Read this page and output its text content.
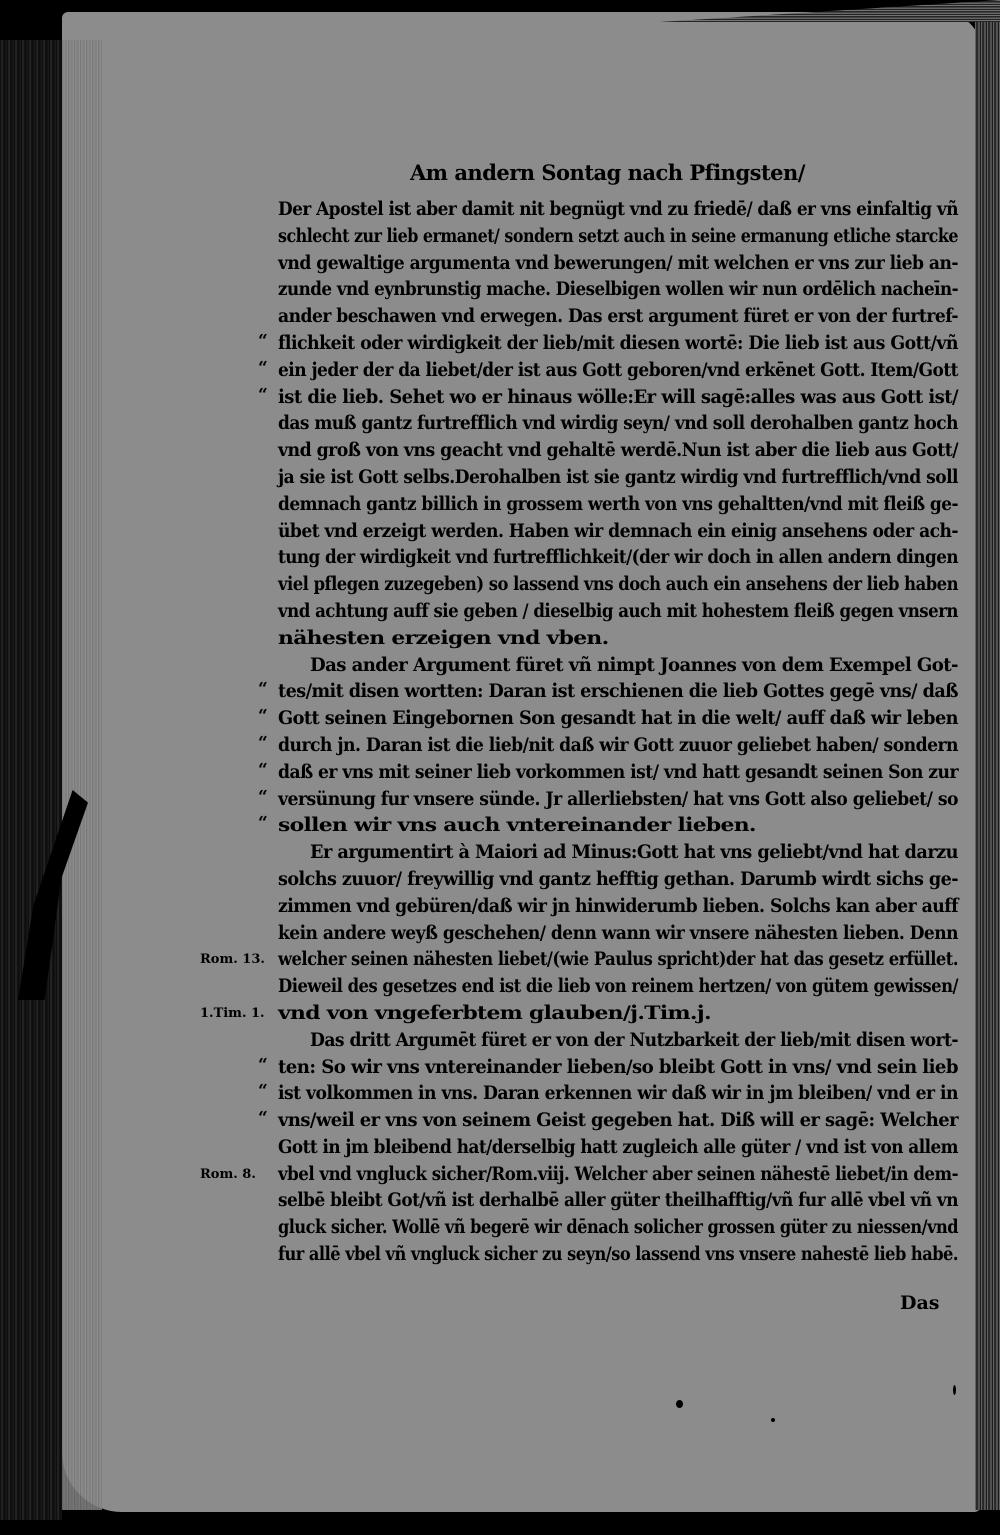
Am andern Sontag nach Pfingsten/
Der Apostel ist aber damit nit begnügt vnd zu friedē/ daß er vns einfaltig vñ
schlecht zur lieb ermanet/ sondern setzt auch in seine ermanung etliche starcke
vnd gewaltige argumenta vnd bewerungen/ mit welchen er vns zur lieb an-
zunde vnd eynbrunstig mache. Dieselbigen wollen wir nun ordēlich nacheīn-
ander beschawen vnd erwegen. Das erst argument füret er von der furtref-
flichkeit oder wirdigkeit der lieb/mit diesen wortē: Die lieb ist aus Gott/vñ
ein jeder der da liebet/der ist aus Gott geboren/vnd erkēnet Gott. Item/Gott
ist die lieb. Sehet wo er hinaus wölle:Er will sagē:alles was aus Gott ist/
das muß gantz furtrefflich vnd wirdig seyn/ vnd soll derohalben gantz hoch
vnd groß von vns geacht vnd gehaltē werdē.Nun ist aber die lieb aus Gott/
ja sie ist Gott selbs.Derohalben ist sie gantz wirdig vnd furtrefflich/vnd soll
demnach gantz billich in grossem werth von vns gehaltten/vnd mit fleiß ge-
übet vnd erzeigt werden. Haben wir demnach ein einig ansehens oder ach-
tung der wirdigkeit vnd furtrefflichkeit/(der wir doch in allen andern dingen
viel pflegen zuzegeben) so lassend vns doch auch ein ansehens der lieb haben
vnd achtung auff sie geben / dieselbig auch mit hohestem fleiß gegen vnsern
nähesten erzeigen vnd vben.
Das ander Argument füret vñ nimpt Joannes von dem Exempel Got-
tes/mit disen wortten: Daran ist erschienen die lieb Gottes gegē vns/ daß
Gott seinen Eingebornen Son gesandt hat in die welt/ auff daß wir leben
durch jn. Daran ist die lieb/nit daß wir Gott zuuor geliebet haben/ sondern
daß er vns mit seiner lieb vorkommen ist/ vnd hatt gesandt seinen Son zur
versünung fur vnsere sünde. Jr allerliebsten/ hat vns Gott also geliebet/ so
sollen wir vns auch vntereinander lieben.
Er argumentirt à Maiori ad Minus:Gott hat vns geliebt/vnd hat darzu
solchs zuuor/ freywillig vnd gantz hefftig gethan. Darumb wirdt sichs ge-
zimmen vnd gebüren/daß wir jn hinwiderumb lieben. Solchs kan aber auff
kein andere weyß geschehen/ denn wann wir vnsere nähesten lieben. Denn
welcher seinen nähesten liebet/(wie Paulus spricht)der hat das gesetz erfüllet.
Dieweil des gesetzes end ist die lieb von reinem hertzen/ von gütem gewissen/
vnd von vngeferbtem glauben/j.Tim.j.
Das dritt Argumēt füret er von der Nutzbarkeit der lieb/mit disen wort-
ten: So wir vns vntereinander lieben/so bleibt Gott in vns/ vnd sein lieb
ist volkommen in vns. Daran erkennen wir daß wir in jm bleiben/ vnd er in
vns/weil er vns von seinem Geist gegeben hat. Diß will er sagē: Welcher
Gott in jm bleibend hat/derselbig hatt zugleich alle güter / vnd ist von allem
vbel vnd vngluck sicher/Rom.viij. Welcher aber seinen nähestē liebet/in dem-
selbē bleibt Got/vñ ist derhalbē aller güter theilhafftig/vñ fur allē vbel vñ vn
gluck sicher. Wollē vñ begerē wir dēnach solicher grossen güter zu niessen/vnd
fur allē vbel vñ vngluck sicher zu seyn/so lassend vns vnsere nahestē lieb habē.
“
“
“
“
“
“
“
“
“
“
“
“
Rom. 13.
1.Tim. 1.
Rom. 8.
Das
